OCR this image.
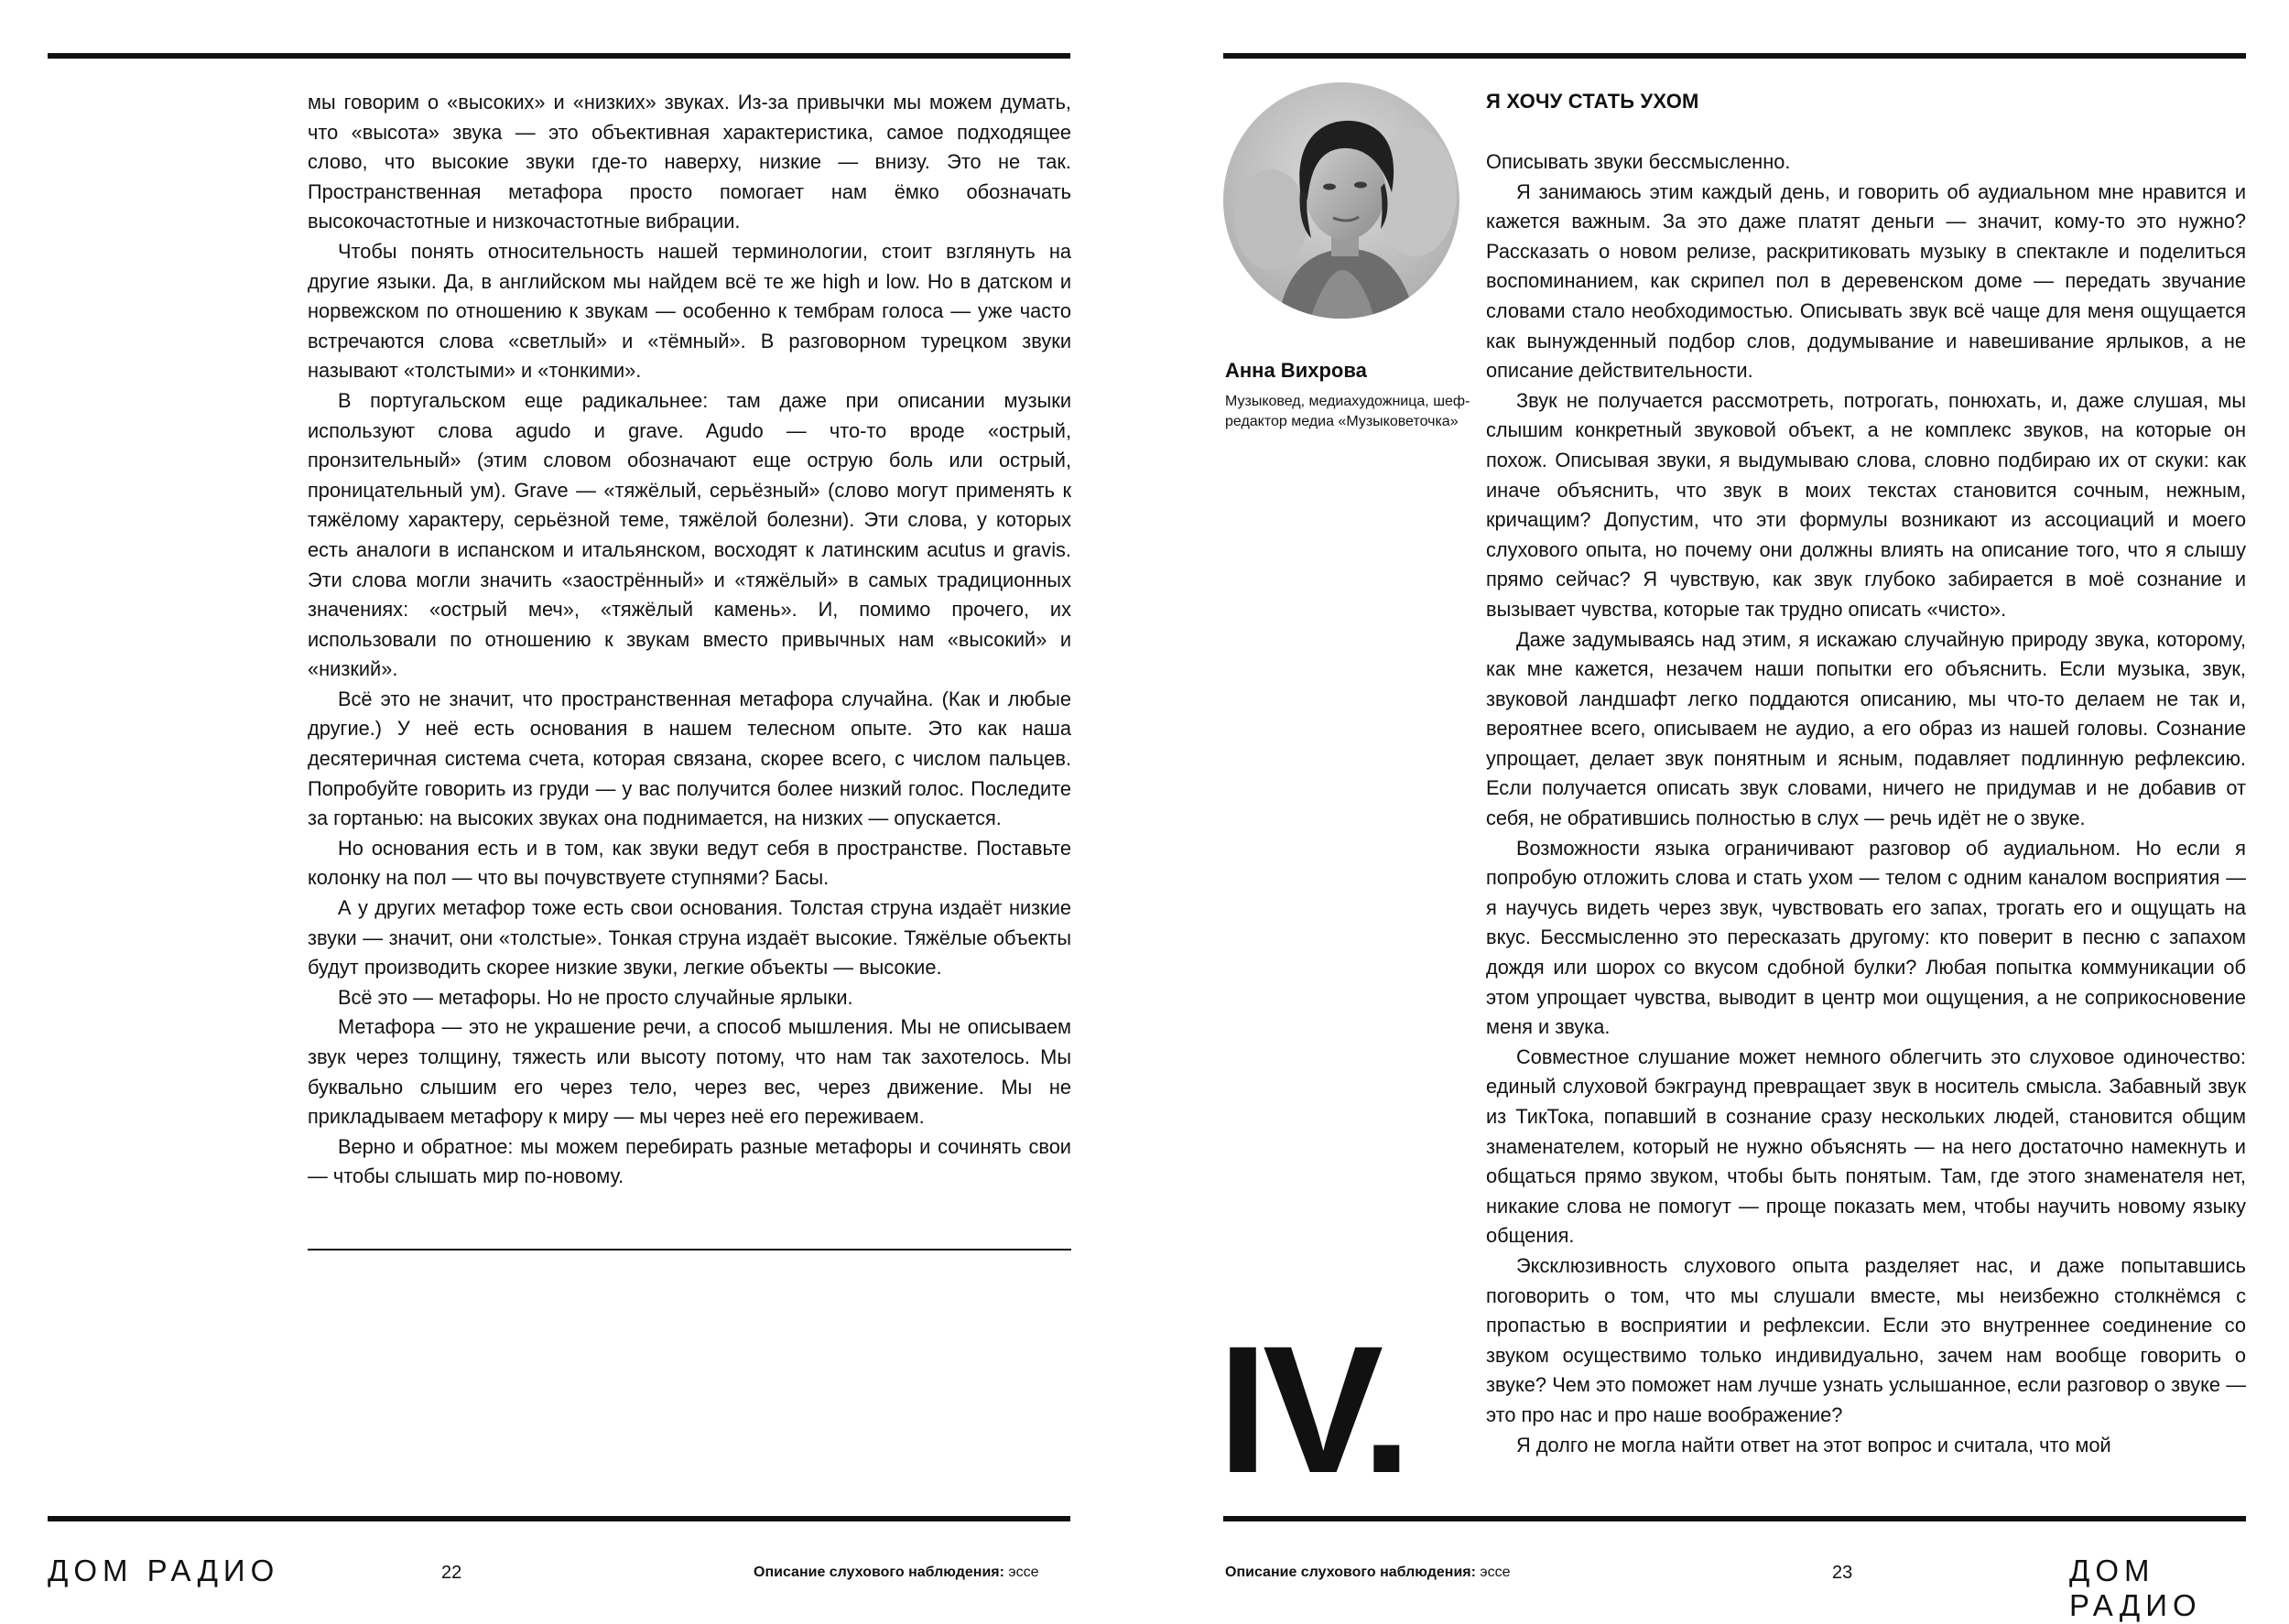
мы говорим о «высоких» и «низких» звуках. Из-за привычки мы можем думать, что «высота» звука — это объективная характеристика, самое подходящее слово, что высокие звуки где-то наверху, низкие — внизу. Это не так. Пространственная метафора просто помогает нам ёмко обозначать высокочастотные и низкочастотные вибрации.

Чтобы понять относительность нашей терминологии, стоит взглянуть на другие языки. Да, в английском мы найдем всё те же high и low. Но в датском и норвежском по отношению к звукам — особенно к тембрам голоса — уже часто встречаются слова «светлый» и «тёмный». В разговорном турецком звуки называют «толстыми» и «тонкими».

В португальском еще радикальнее: там даже при описании музыки используют слова agudo и grave. Agudo — что-то вроде «острый, пронзительный» (этим словом обозначают еще острую боль или острый, проницательный ум). Grave — «тяжёлый, серьёзный» (слово могут применять к тяжёлому характеру, серьёзной теме, тяжёлой болезни). Эти слова, у которых есть аналоги в испанском и итальянском, восходят к латинским acutus и gravis. Эти слова могли значить «заострённый» и «тяжёлый» в самых традиционных значениях: «острый меч», «тяжёлый камень». И, помимо прочего, их использовали по отношению к звукам вместо привычных нам «высокий» и «низкий».

Всё это не значит, что пространственная метафора случайна. (Как и любые другие.) У неё есть основания в нашем телесном опыте. Это как наша десятеричная система счета, которая связана, скорее всего, с числом пальцев. Попробуйте говорить из груди — у вас получится более низкий голос. Последите за гортанью: на высоких звуках она поднимается, на низких — опускается.

Но основания есть и в том, как звуки ведут себя в пространстве. Поставьте колонку на пол — что вы почувствуете ступнями? Басы.

А у других метафор тоже есть свои основания. Толстая струна издаёт низкие звуки — значит, они «толстые». Тонкая струна издаёт высокие. Тяжёлые объекты будут производить скорее низкие звуки, легкие объекты — высокие.

Всё это — метафоры. Но не просто случайные ярлыки.

Метафора — это не украшение речи, а способ мышления. Мы не описываем звук через толщину, тяжесть или высоту потому, что нам так захотелось. Мы буквально слышим его через тело, через вес, через движение. Мы не прикладываем метафору к миру — мы через неё его переживаем.

Верно и обратное: мы можем перебирать разные метафоры и сочинять свои — чтобы слышать мир по-новому.

ДОМ РАДИО	22	Описание слухового наблюдения: эссе
Анна Вихрова
Музыковед, медиахудожница, шеф-редактор медиа «Музыковеточка»
Я ХОЧУ СТАТЬ УХОМ

Описывать звуки бессмысленно.

Я занимаюсь этим каждый день, и говорить об аудиальном мне нравится и кажется важным. За это даже платят деньги — значит, кому-то это нужно? Рассказать о новом релизе, раскритиковать музыку в спектакле и поделиться воспоминанием, как скрипел пол в деревенском доме — передать звучание словами стало необходимостью. Описывать звук всё чаще для меня ощущается как вынужденный подбор слов, додумывание и навешивание ярлыков, а не описание действительности.

Звук не получается рассмотреть, потрогать, понюхать, и, даже слушая, мы слышим конкретный звуковой объект, а не комплекс звуков, на которые он похож. Описывая звуки, я выдумываю слова, словно подбираю их от скуки: как иначе объяснить, что звук в моих текстах становится сочным, нежным, кричащим? Допустим, что эти формулы возникают из ассоциаций и моего слухового опыта, но почему они должны влиять на описание того, что я слышу прямо сейчас? Я чувствую, как звук глубоко забирается в моё сознание и вызывает чувства, которые так трудно описать «чисто».

Даже задумываясь над этим, я искажаю случайную природу звука, которому, как мне кажется, незачем наши попытки его объяснить. Если музыка, звук, звуковой ландшафт легко поддаются описанию, мы что-то делаем не так и, вероятнее всего, описываем не аудио, а его образ из нашей головы. Сознание упрощает, делает звук понятным и ясным, подавляет подлинную рефлексию. Если получается описать звук словами, ничего не придумав и не добавив от себя, не обратившись полностью в слух — речь идёт не о звуке.

Возможности языка ограничивают разговор об аудиальном. Но если я попробую отложить слова и стать ухом — телом с одним каналом восприятия — я научусь видеть через звук, чувствовать его запах, трогать его и ощущать на вкус. Бессмысленно это пересказать другому: кто поверит в песню с запахом дождя или шорох со вкусом сдобной булки? Любая попытка коммуникации об этом упрощает чувства, выводит в центр мои ощущения, а не соприкосновение меня и звука.

Совместное слушание может немного облегчить это слуховое одиночество: единый слуховой бэкграунд превращает звук в носитель смысла. Забавный звук из ТикТока, попавший в сознание сразу нескольких людей, становится общим знаменателем, который не нужно объяснять — на него достаточно намекнуть и общаться прямо звуком, чтобы быть понятым. Там, где этого знаменателя нет, никакие слова не помогут — проще показать мем, чтобы научить новому языку общения.

Эксклюзивность слухового опыта разделяет нас, и даже попытавшись поговорить о том, что мы слушали вместе, мы неизбежно столкнёмся с пропастью в восприятии и рефлексии. Если это внутреннее соединение со звуком осуществимо только индивидуально, зачем нам вообще говорить о звуке? Чем это поможет нам лучше узнать услышанное, если разговор о звуке — это про нас и про наше воображение?

Я долго не могла найти ответ на этот вопрос и считала, что мой

IV.
Описание слухового наблюдения: эссе	23	ДОМ РАДИО
